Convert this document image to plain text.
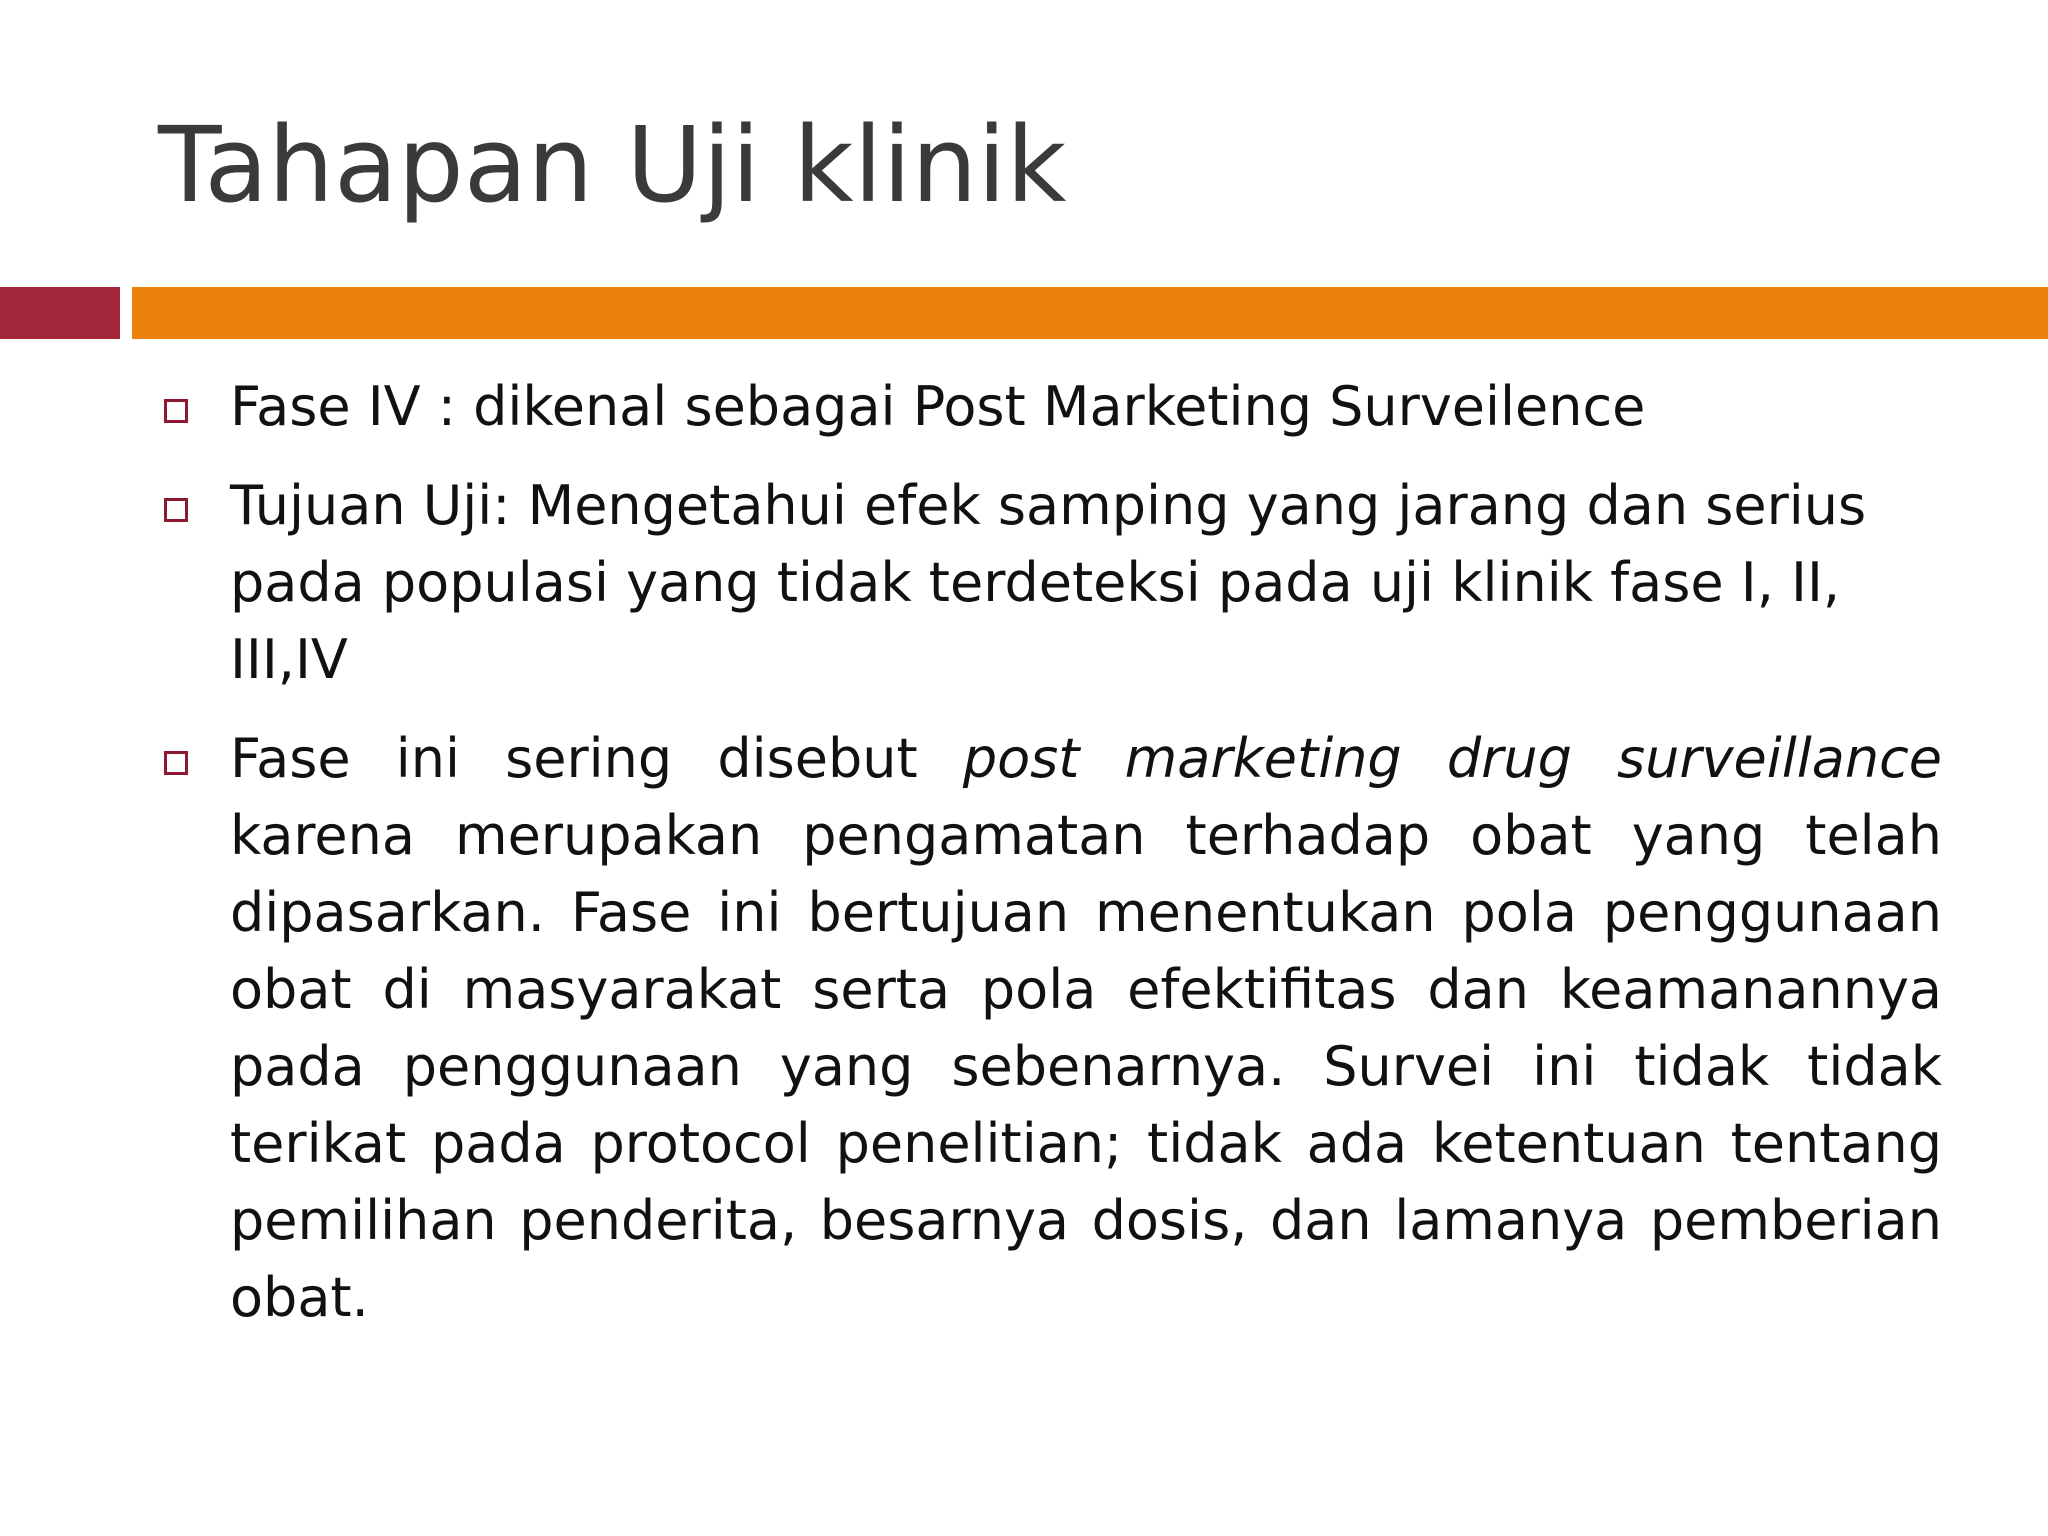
Tahapan Uji klinik
Fase IV : dikenal sebagai Post Marketing Surveilence
Tujuan Uji: Mengetahui efek samping yang jarang dan serius pada populasi yang tidak terdeteksi pada uji klinik fase I, II, III,IV
Fase ini sering disebut post marketing drug surveillance karena merupakan pengamatan terhadap obat yang telah dipasarkan. Fase ini bertujuan menentukan pola penggunaan obat di masyarakat serta pola efektifitas dan keamanannya pada penggunaan yang sebenarnya. Survei ini tidak tidak terikat pada protocol penelitian; tidak ada ketentuan tentang pemilihan penderita, besarnya dosis, dan lamanya pemberian obat.
